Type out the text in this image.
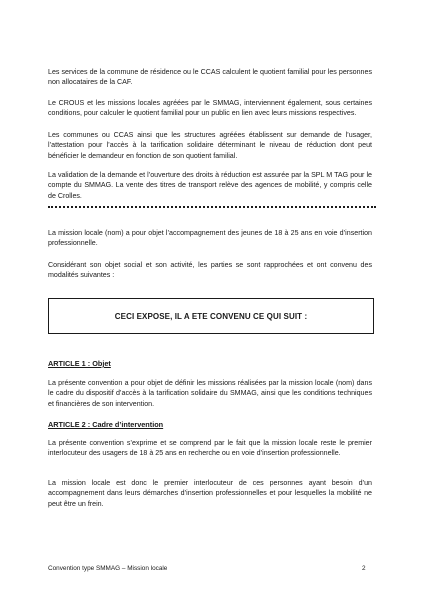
Les services de la commune de résidence ou le CCAS calculent le quotient familial pour les personnes non allocataires de la CAF.

Le CROUS et les missions locales agréées par le SMMAG, interviennent également, sous certaines conditions, pour calculer le quotient familial pour un public en lien avec leurs missions respectives.

Les communes ou CCAS ainsi que les structures agréées établissent sur demande de l’usager, l’attestation pour l’accès à la tarification solidaire déterminant le niveau de réduction dont peut bénéficier le demandeur en fonction de son quotient familial.

La validation de la demande et l’ouverture des droits à réduction est assurée par la SPL M TAG pour le compte du SMMAG. La vente des titres de transport relève des agences de mobilité, y compris celle de Crolles.

La mission locale (nom) a pour objet l’accompagnement des jeunes de 18 à 25 ans en voie d’insertion professionnelle.

Considérant son objet social et son activité, les parties se sont rapprochées et ont convenu des modalités suivantes :

CECI EXPOSE, IL A ETE CONVENU CE QUI SUIT :

ARTICLE 1 : Objet

La présente convention a pour objet de définir les missions réalisées par la mission locale (nom) dans le cadre du dispositif d’accès à la tarification solidaire du SMMAG, ainsi que les conditions techniques et financières de son intervention.

ARTICLE 2 : Cadre d’intervention

La présente convention s’exprime et se comprend par le fait que la mission locale reste le premier interlocuteur des usagers de 18 à 25 ans en recherche ou en voie d’insertion professionnelle.

La mission locale est donc le premier interlocuteur de ces personnes ayant besoin d’un accompagnement dans leurs démarches d’insertion professionnelles et pour lesquelles la mobilité ne peut être un frein.

Convention type SMMAG – Mission locale	2
